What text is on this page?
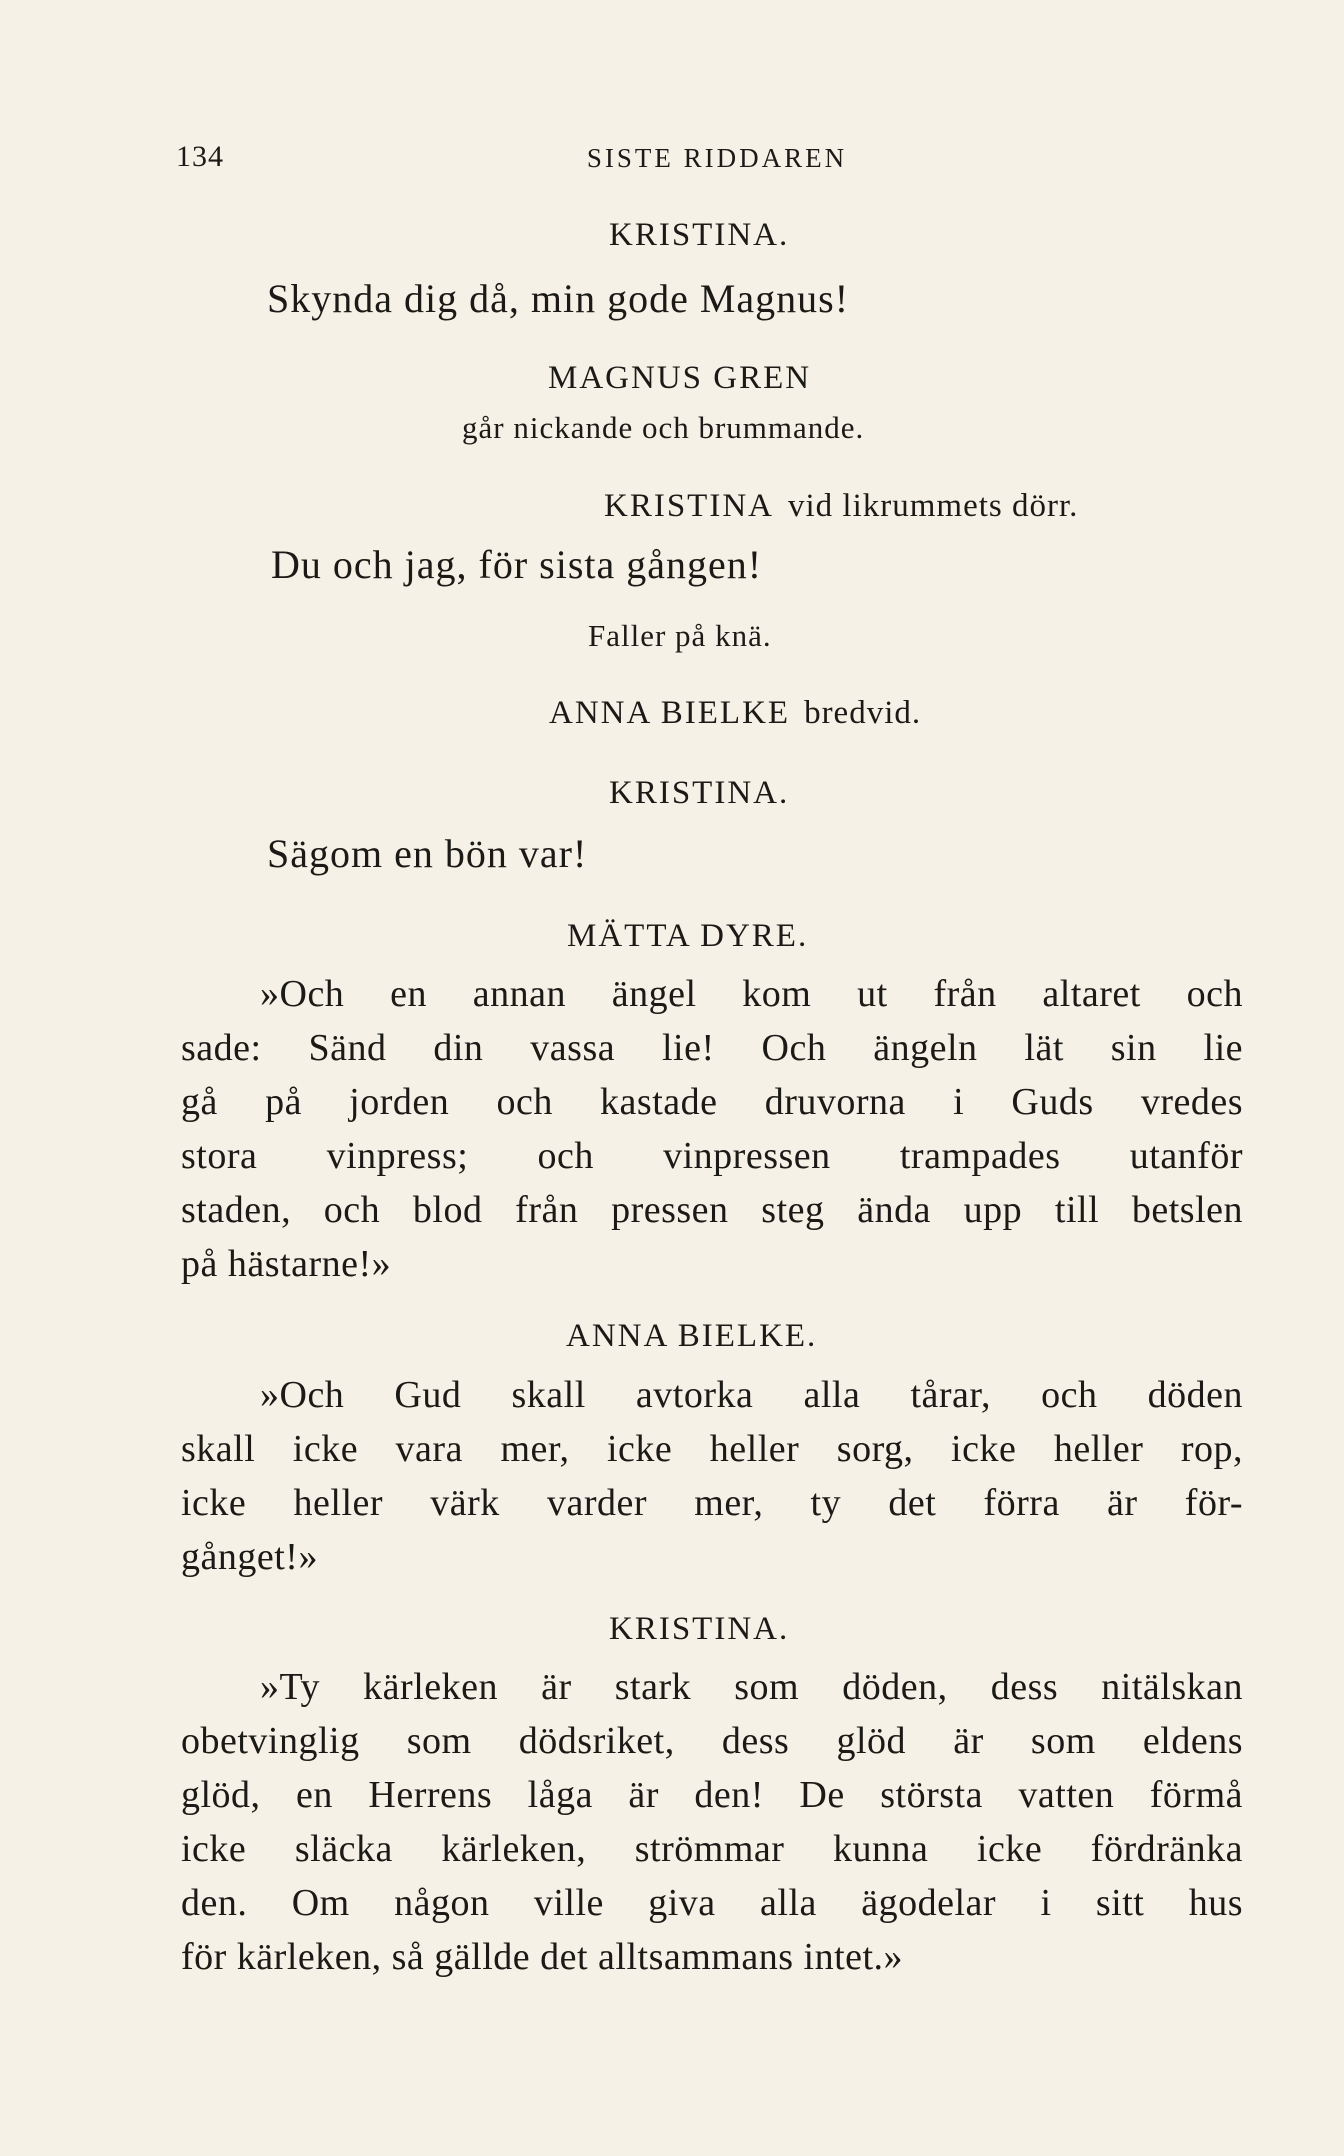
134	SISTE RIDDAREN
KRISTINA.
Skynda dig då, min gode Magnus!
MAGNUS GREN
går nickande och brummande.
KRISTINA vid likrummets dörr.
Du och jag, för sista gången!
Faller på knä.
ANNA BIELKE bredvid.
KRISTINA.
Sägom en bön var!
MÄTTA DYRE.
»Och en annan ängel kom ut från altaret och
sade: Sänd din vassa lie! Och ängeln lät sin lie
gå på jorden och kastade druvorna i Guds vredes
stora vinpress; och vinpressen trampades utanför
staden, och blod från pressen steg ända upp till betslen
på hästarne!»
ANNA BIELKE.
»Och Gud skall avtorka alla tårar, och döden
skall icke vara mer, icke heller sorg, icke heller rop,
icke heller värk varder mer, ty det förra är för-
gånget!»
KRISTINA.
»Ty kärleken är stark som döden, dess nitälskan
obetvinglig som dödsriket, dess glöd är som eldens
glöd, en Herrens låga är den! De största vatten förmå
icke släcka kärleken, strömmar kunna icke fördränka
den. Om någon ville giva alla ägodelar i sitt hus
för kärleken, så gällde det alltsammans intet.»
